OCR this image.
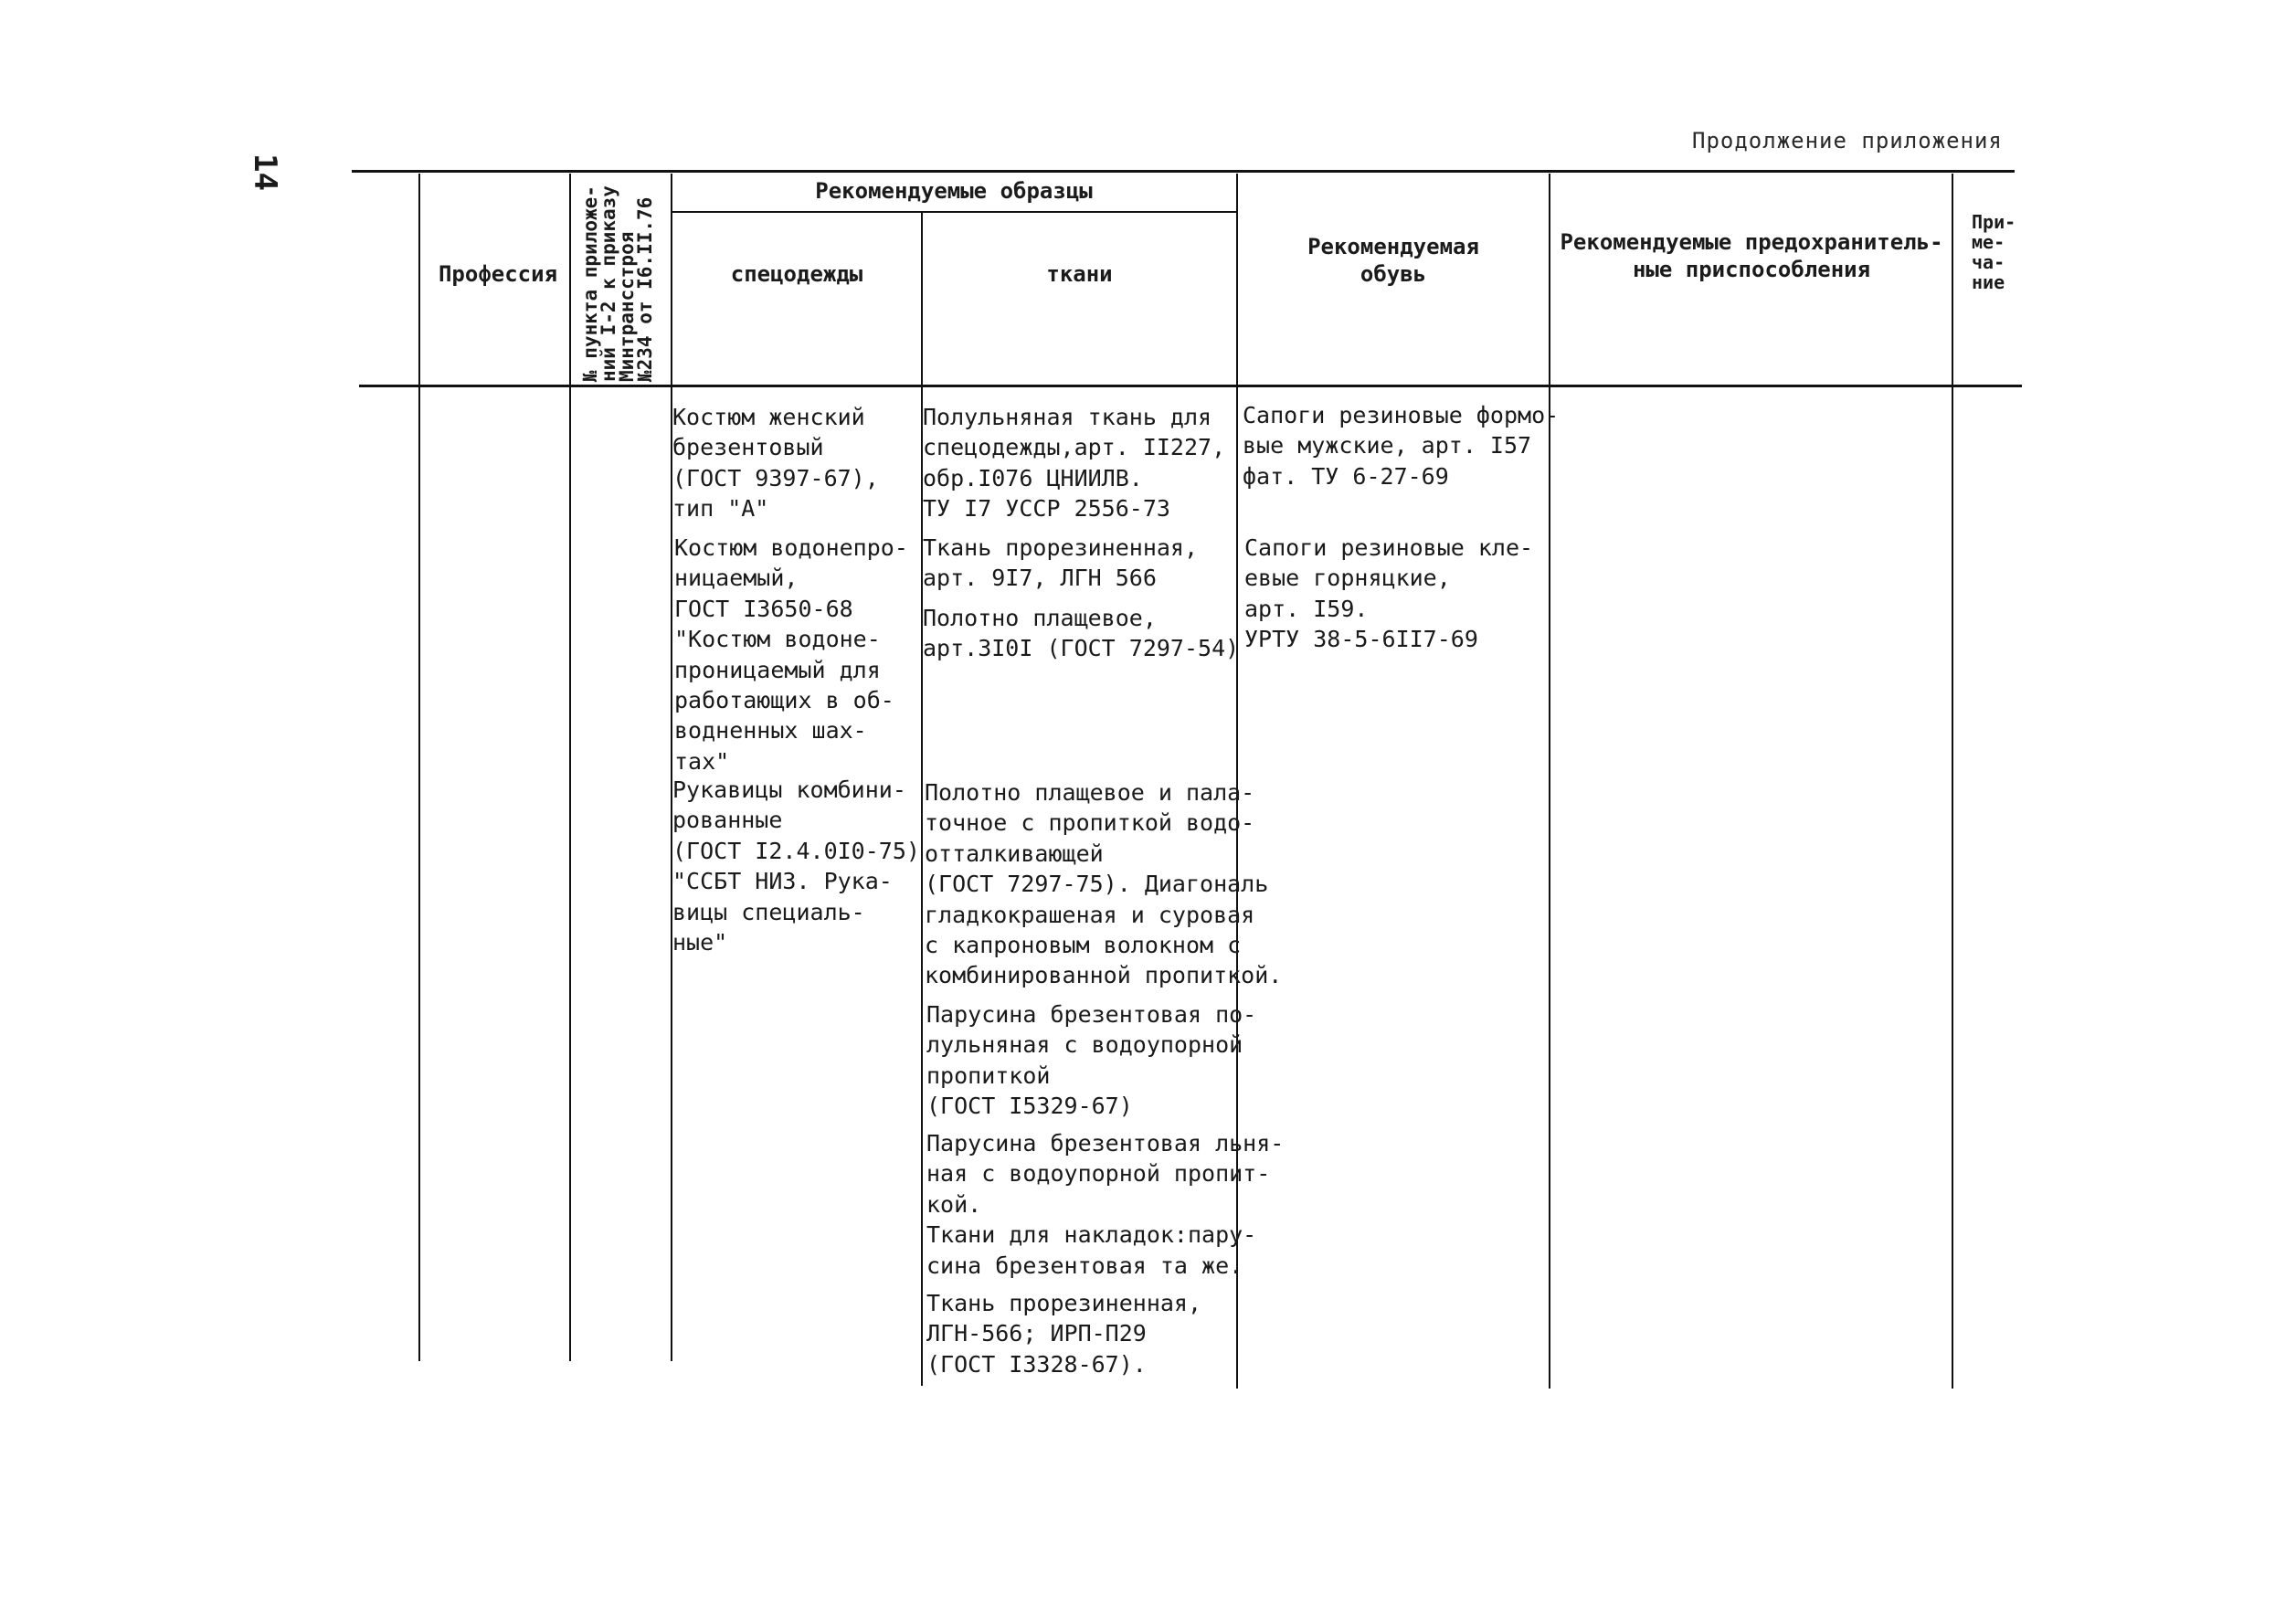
14
Продолжение приложения
Профессия
№ пункта приложе-
ний I-2 к приказу
Минтрансстроя
№234 от I6.II.76
Рекомендуемые образцы
спецодежды	ткани
Рекомендуемая
обувь
Рекомендуемые предохранитель-
ные приспособления
При-
ме-
ча-
ние
Костюм женский
брезентовый
(ГОСТ 9397-67),
тип "А"
Костюм водонепро-
ницаемый,
ГОСТ I3650-68
"Костюм водоне-
проницаемый для
работающих в об-
водненных шах-
тах"
Рукавицы комбини-
рованные
(ГОСТ I2.4.0I0-75)
"ССБТ НИЗ. Рука-
вицы специаль-
ные"
Полульняная ткань для
спецодежды,арт. II227,
обр.I076 ЦНИИЛВ.
ТУ I7 УССР 2556-73
Ткань прорезиненная,
арт. 9I7, ЛГН 566
Полотно плащевое,
арт.3I0I (ГОСТ 7297-54)
Полотно плащевое и пала-
точное с пропиткой водо-
отталкивающей
(ГОСТ 7297-75). Диагональ
гладкокрашеная и суровая
с капроновым волокном с
комбинированной пропиткой.
Парусина брезентовая по-
лульняная с водоупорной
пропиткой
(ГОСТ I5329-67)
Парусина брезентовая льня-
ная с водоупорной пропит-
кой.
Ткани для накладок:пару-
сина брезентовая та же.
Ткань прорезиненная,
ЛГН-566; ИРП-П29
(ГОСТ I3328-67).
Сапоги резиновые формо-
вые мужские, арт. I57
фат. ТУ 6-27-69
Сапоги резиновые кле-
евые горняцкие,
арт. I59.
УРТУ 38-5-6II7-69
